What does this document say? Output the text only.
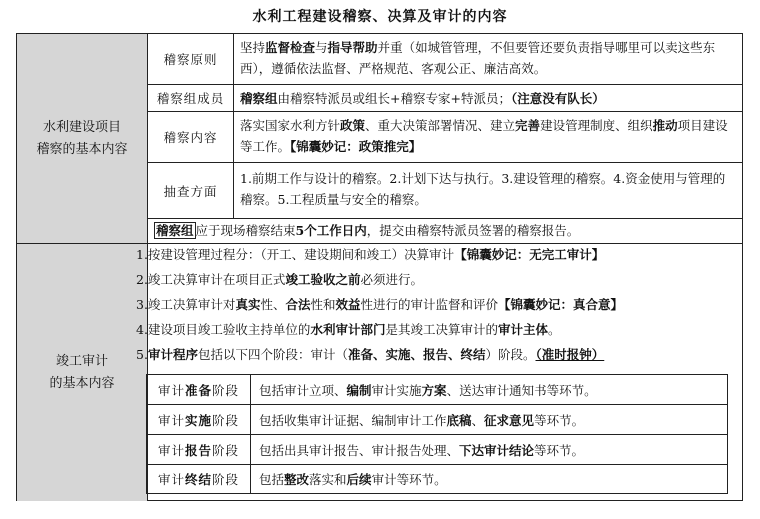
水利工程建设稽察、决算及审计的内容
水利建设项目
稽察的基本内容
稽察原则
坚持监督检查与指导帮助并重（如城管管理，不但要管还要负责指导哪里可以卖这些东西），遵循依法监督、严格规范、客观公正、廉洁高效。
稽察组成员	稽察组由稽察特派员或组长+稽察专家+特派员；（注意没有队长）
稽察内容
落实国家水利方针政策、重大决策部署情况、建立完善建设管理制度、组织推动项目建设等工作。【锦囊妙记：政策推完】
抽查方面
1.前期工作与设计的稽察。2.计划下达与执行。3.建设管理的稽察。4.资金使用与管理的稽察。5.工程质量与安全的稽察。
稽察组 应于现场稽察结束5个工作日内，提交由稽察特派员签署的稽察报告。
竣工审计
的基本内容
1.按建设管理过程分：（开工、建设期间和竣工）决算审计【锦囊妙记：无完工审计】
2.竣工决算审计在项目正式竣工验收之前必须进行。
3.竣工决算审计对真实性、合法性和效益性进行的审计监督和评价【锦囊妙记：真合意】
4.建设项目竣工验收主持单位的水利审计部门是其竣工决算审计的审计主体。
5.审计程序包括以下四个阶段：审计（准备、实施、报告、终结）阶段。（准时报钟）
审计 准备 阶段 包括审计立项、 编制 审计实施 方案 、送达审计通知书等环节。
审计 实施 阶段 包括收集审计证据、编制审计工作 底稿 、 征求意见 等环节。
审计 报告 阶段 包括出具审计报告、审计报告处理、 下达审计结论 等环节。
审计 终结 阶段 包括 整改 落实和 后续 审计等环节。
